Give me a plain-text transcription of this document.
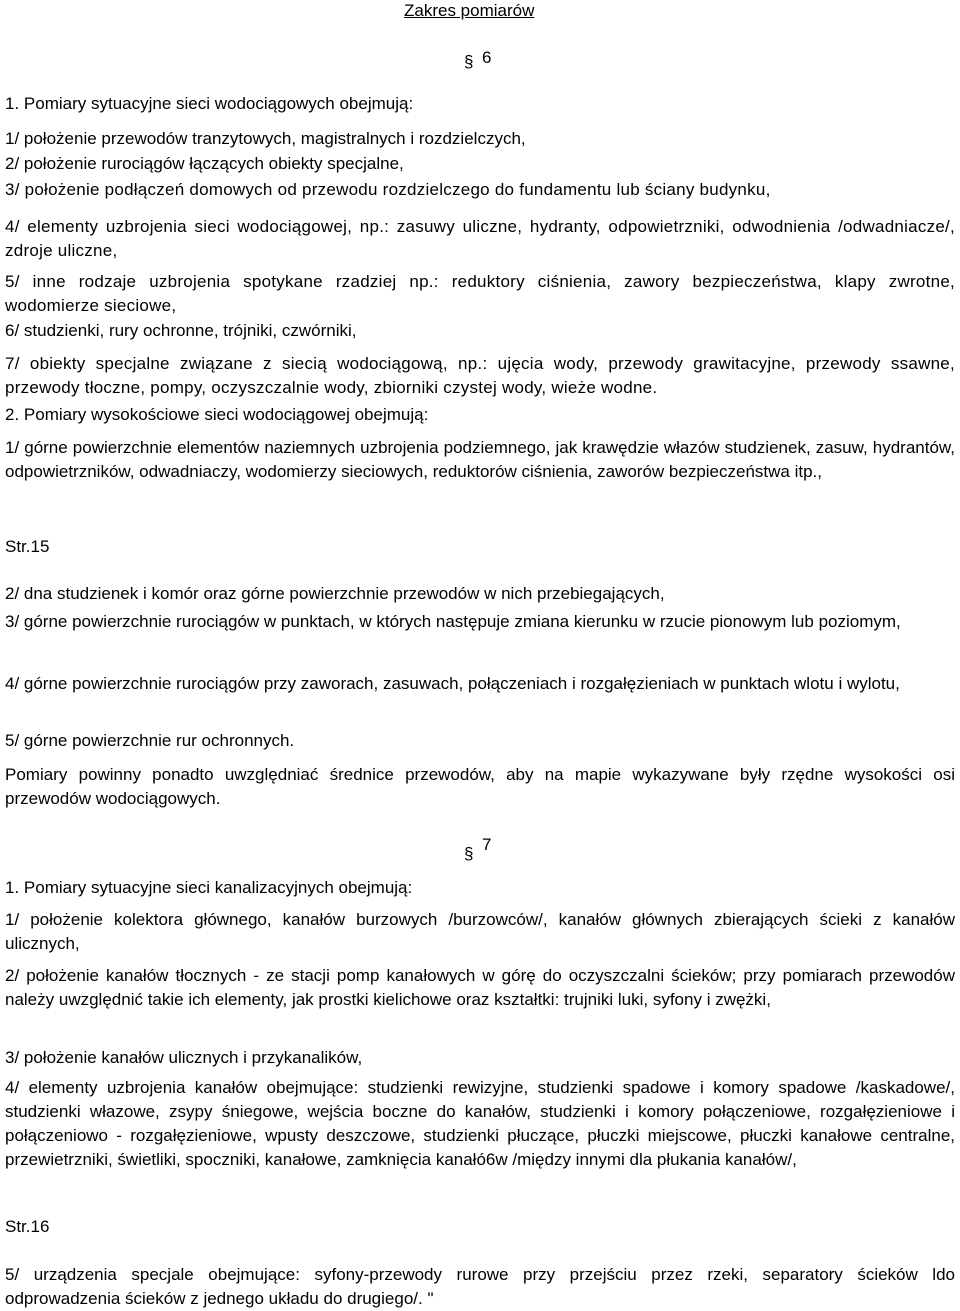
Zakres pomiarów
§ 6
1. Pomiary sytuacyjne sieci wodociągowych obejmują:
1/ położenie przewodów tranzytowych, magistralnych i rozdzielczych,
2/ położenie rurociągów łączących obiekty specjalne,
3/ położenie podłączeń domowych od przewodu rozdzielczego do fundamentu lub ściany budynku,
4/ elementy uzbrojenia sieci wodociągowej, np.: zasuwy uliczne, hydranty, odpowietrzniki, odwodnienia /odwadniacze/, zdroje uliczne,
5/ inne rodzaje uzbrojenia spotykane rzadziej np.: reduktory ciśnienia, zawory bezpieczeństwa, klapy zwrotne, wodomierze sieciowe,
6/ studzienki, rury ochronne, trójniki, czwórniki,
7/ obiekty specjalne związane z siecią wodociągową, np.: ujęcia wody, przewody grawitacyjne, przewody ssawne, przewody tłoczne, pompy, oczyszczalnie wody, zbiorniki czystej wody, wieże wodne.
2. Pomiary wysokościowe sieci wodociągowej obejmują:
1/ górne powierzchnie elementów naziemnych uzbrojenia podziemnego, jak krawędzie włazów studzienek, zasuw, hydrantów, odpowietrzników, odwadniaczy, wodomierzy sieciowych, reduktorów ciśnienia, zaworów bezpieczeństwa itp.,
Str.15
2/ dna studzienek i komór oraz górne powierzchnie przewodów w nich przebiegających,
3/ górne powierzchnie rurociągów w punktach, w których następuje zmiana kierunku w rzucie pionowym lub poziomym,
4/ górne powierzchnie rurociągów przy zaworach, zasuwach, połączeniach i rozgałęzieniach w punktach wlotu i wylotu,
5/ górne powierzchnie rur ochronnych.
Pomiary powinny ponadto uwzględniać średnice przewodów, aby na mapie wykazywane były rzędne wysokości osi przewodów wodociągowych.
§ 7
1. Pomiary sytuacyjne sieci kanalizacyjnych obejmują:
1/ położenie kolektora głównego, kanałów burzowych /burzowców/, kanałów głównych zbierających ścieki z kanałów ulicznych,
2/ położenie kanałów tłocznych - ze stacji pomp kanałowych w górę do oczyszczalni ścieków; przy pomiarach przewodów należy uwzględnić takie ich elementy, jak prostki kielichowe oraz kształtki: trujniki luki, syfony i zwężki,
3/ położenie kanałów ulicznych i przykanalików,
4/ elementy uzbrojenia kanałów obejmujące: studzienki rewizyjne, studzienki spadowe i komory spadowe /kaskadowe/, studzienki włazowe, zsypy śniegowe, wejścia boczne do kanałów, studzienki i komory połączeniowe, rozgałęzieniowe i połączeniowo - rozgałęzieniowe, wpusty deszczowe, studzienki płuczące, płuczki miejscowe, płuczki kanałowe centralne, przewietrzniki, świetliki, spoczniki, kanałowe, zamknięcia kanałó6w /między innymi dla płukania kanałów/,
Str.16
5/ urządzenia specjale obejmujące: syfony-przewody rurowe przy przejściu przez rzeki, separatory ścieków ldo odprowadzenia ścieków z jednego układu do drugiego/. "
